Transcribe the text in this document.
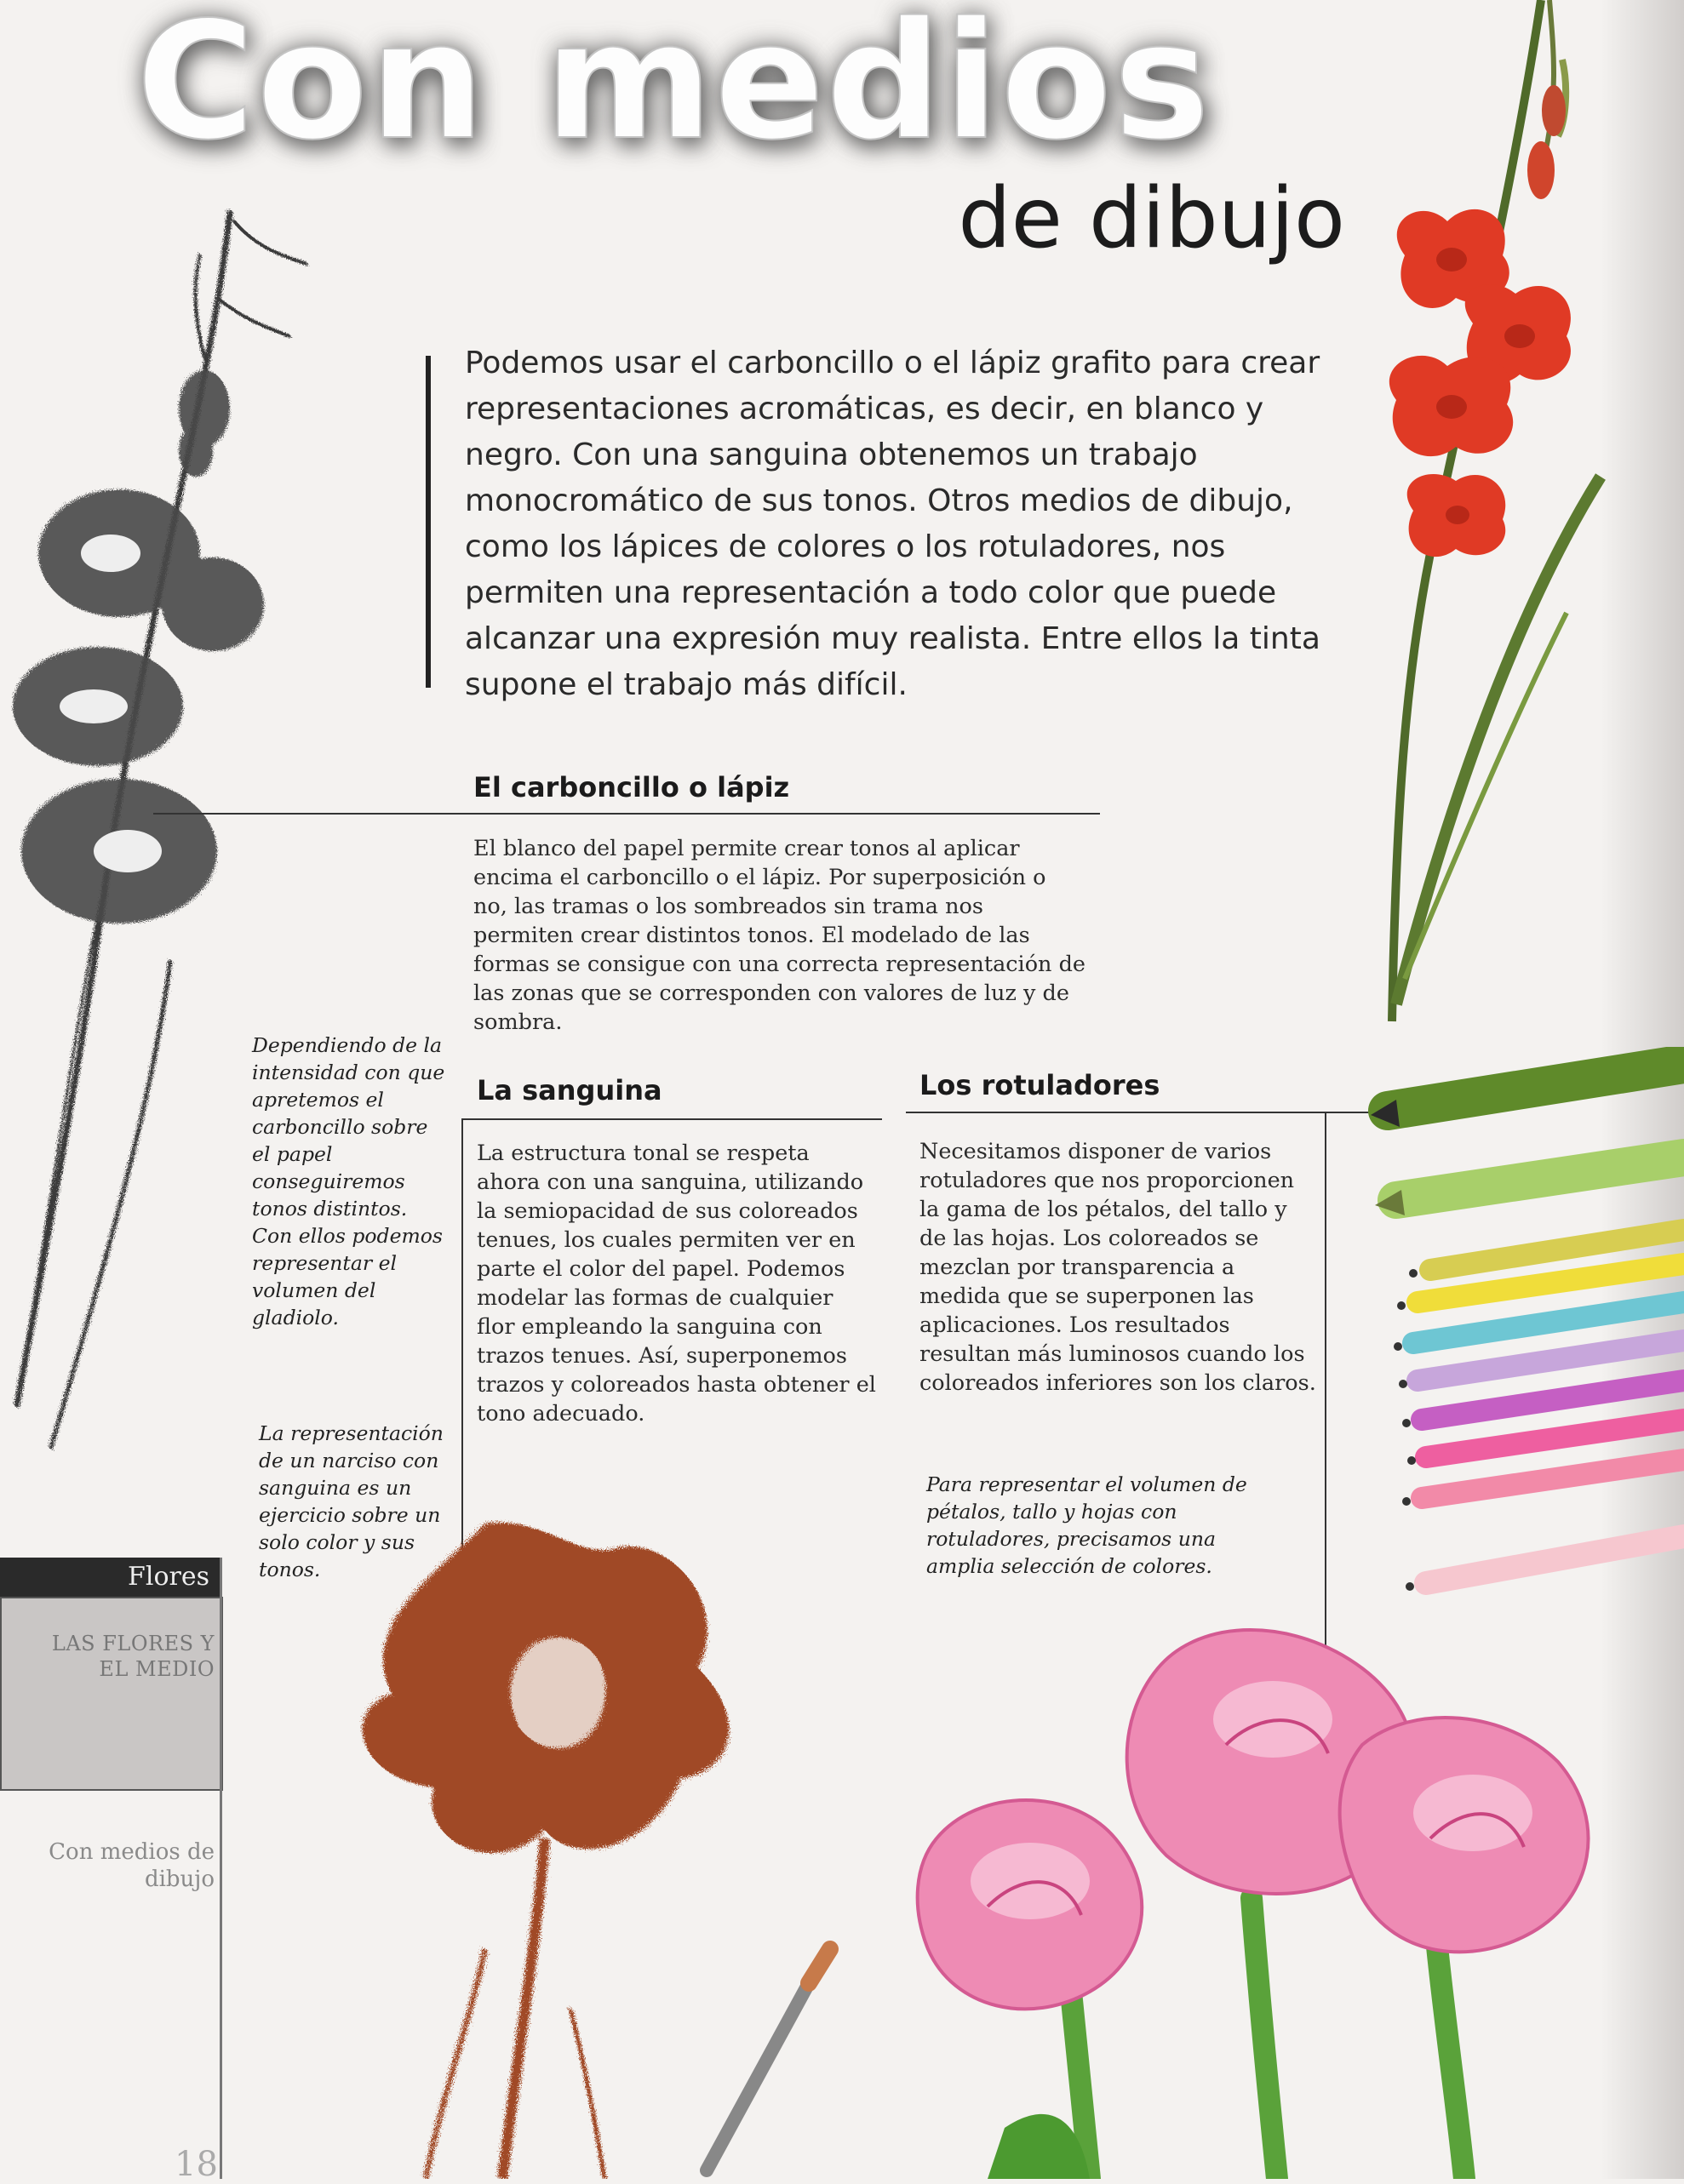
Con medios
de dibujo
Podemos usar el carboncillo o el lápiz grafito para crear representaciones acromáticas, es decir, en blanco y negro. Con una sanguina obtenemos un trabajo monocromático de sus tonos. Otros medios de dibujo, como los lápices de colores o los rotuladores, nos permiten una representación a todo color que puede alcanzar una expresión muy realista. Entre ellos la tinta supone el trabajo más difícil.
El carboncillo o lápiz
El blanco del papel permite crear tonos al aplicar encima el carboncillo o el lápiz. Por superposición o no, las tramas o los sombreados sin trama nos permiten crear distintos tonos. El modelado de las formas se consigue con una correcta representación de las zonas que se corresponden con valores de luz y de sombra.
La sanguina
La estructura tonal se respeta ahora con una sanguina, utilizando la semiopacidad de sus coloreados tenues, los cuales permiten ver en parte el color del papel. Podemos modelar las formas de cualquier flor empleando la sanguina con trazos tenues. Así, superponemos trazos y coloreados hasta obtener el tono adecuado.
Los rotuladores
Necesitamos disponer de varios rotuladores que nos proporcionen la gama de los pétalos, del tallo y de las hojas. Los coloreados se mezclan por transparencia a medida que se superponen las aplicaciones. Los resultados resultan más luminosos cuando los coloreados inferiores son los claros.
Dependiendo de la intensidad con que apretemos el carboncillo sobre el papel conseguiremos tonos distintos. Con ellos podemos representar el volumen del gladiolo.
La representación de un narciso con sanguina es un ejercicio sobre un solo color y sus tonos.
Para representar el volumen de pétalos, tallo y hojas con rotuladores, precisamos una amplia selección de colores.
Flores
LAS FLORES Y EL MEDIO
Con medios de dibujo
18
